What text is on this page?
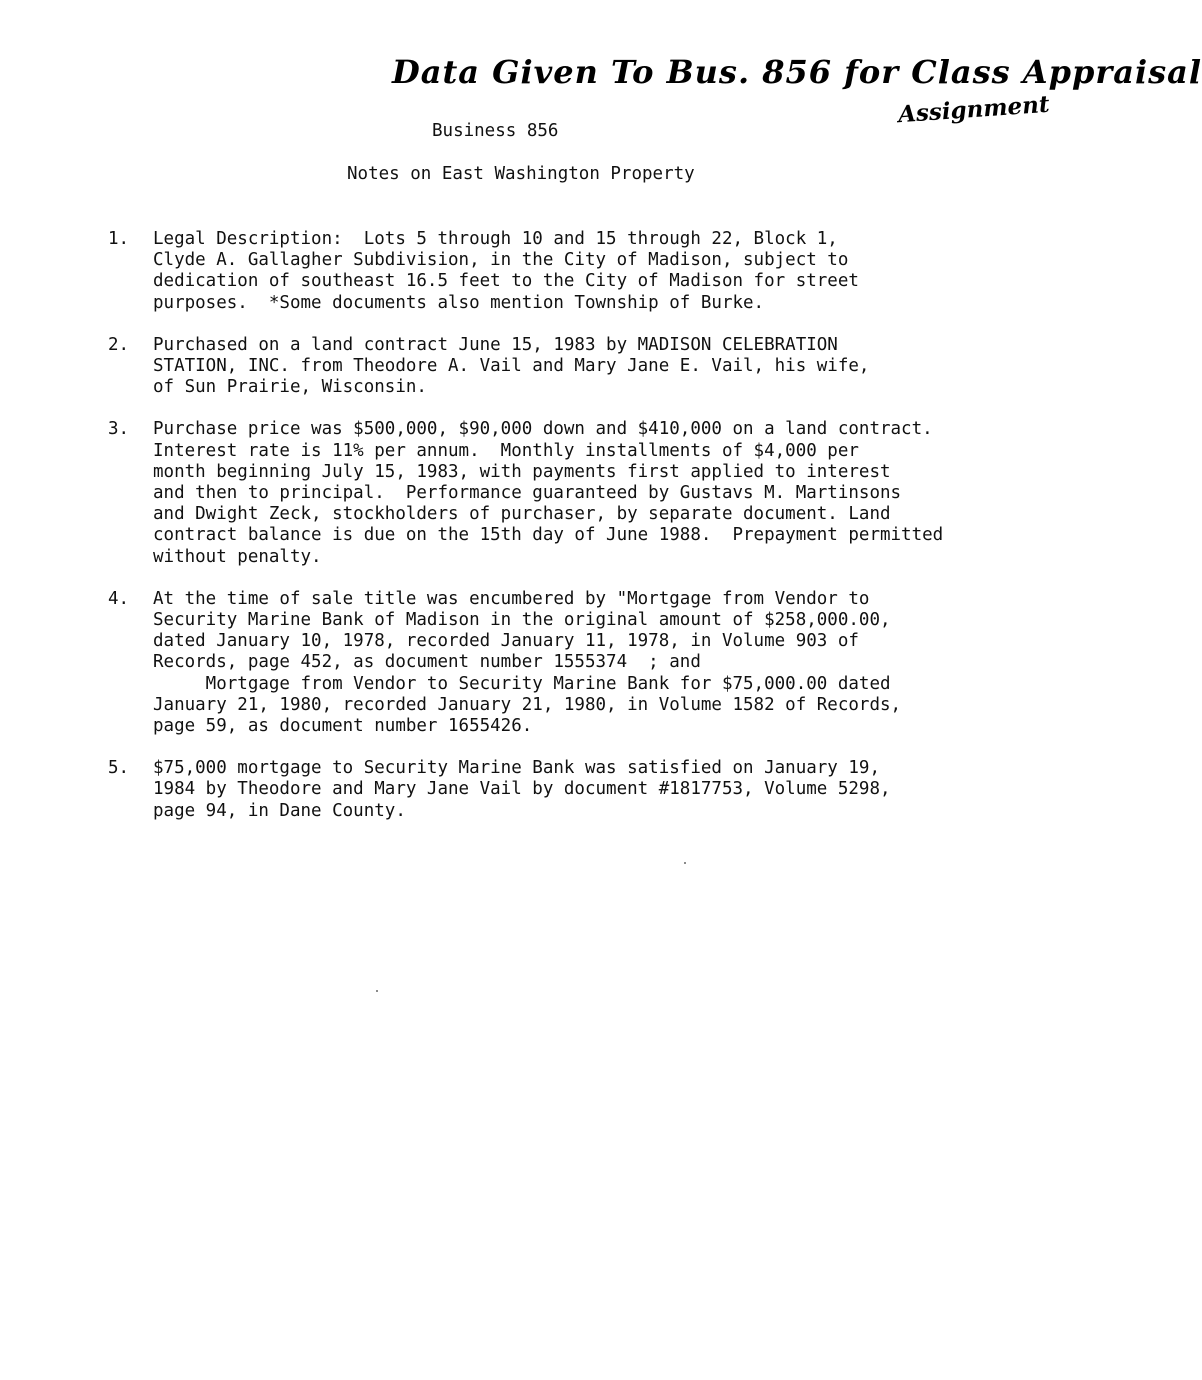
Data Given To Bus. 856 for Class Appraisal
Assignment
Business 856
Notes on East Washington Property
1. Legal Description:  Lots 5 through 10 and 15 through 22, Block 1,
Clyde A. Gallagher Subdivision, in the City of Madison, subject to
dedication of southeast 16.5 feet to the City of Madison for street
purposes.  *Some documents also mention Township of Burke.
2. Purchased on a land contract June 15, 1983 by MADISON CELEBRATION
STATION, INC. from Theodore A. Vail and Mary Jane E. Vail, his wife,
of Sun Prairie, Wisconsin.
3. Purchase price was $500,000, $90,000 down and $410,000 on a land contract.
Interest rate is 11% per annum.  Monthly installments of $4,000 per
month beginning July 15, 1983, with payments first applied to interest
and then to principal.  Performance guaranteed by Gustavs M. Martinsons
and Dwight Zeck, stockholders of purchaser, by separate document. Land
contract balance is due on the 15th day of June 1988.  Prepayment permitted
without penalty.
4. At the time of sale title was encumbered by "Mortgage from Vendor to
Security Marine Bank of Madison in the original amount of $258,000.00,
dated January 10, 1978, recorded January 11, 1978, in Volume 903 of
Records, page 452, as document number 1555374  ; and
Mortgage from Vendor to Security Marine Bank for $75,000.00 dated
January 21, 1980, recorded January 21, 1980, in Volume 1582 of Records,
page 59, as document number 1655426.
5. $75,000 mortgage to Security Marine Bank was satisfied on January 19,
1984 by Theodore and Mary Jane Vail by document #1817753, Volume 5298,
page 94, in Dane County.
